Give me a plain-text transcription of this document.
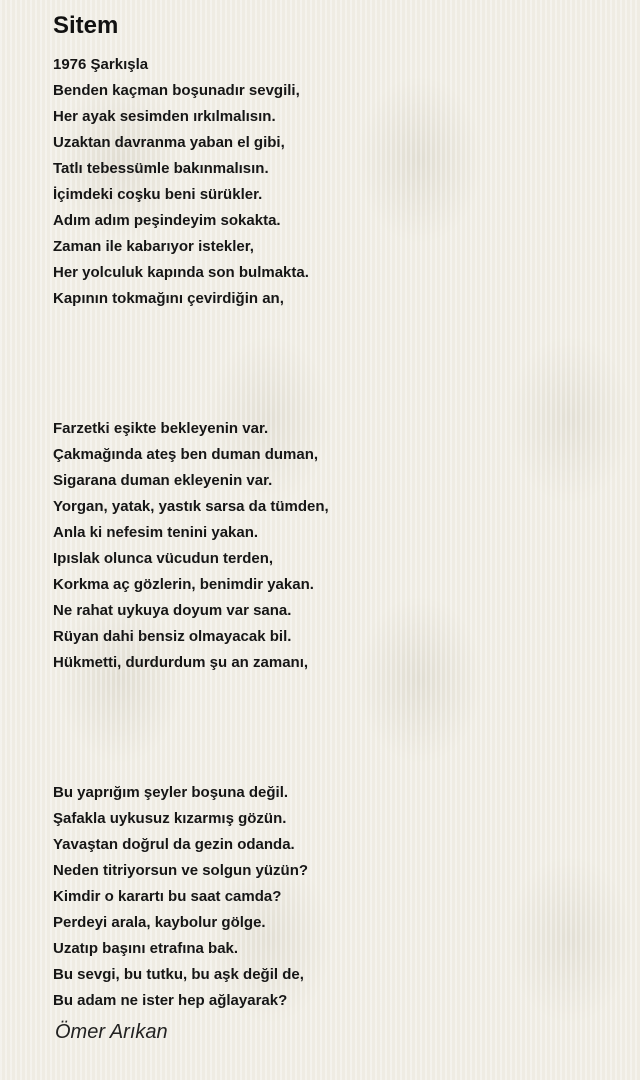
Sitem
1976 Şarkışla
Benden kaçman boşunadır sevgili,
Her ayak sesimden ırkılmalısın.
Uzaktan davranma yaban el gibi,
Tatlı tebessümle bakınmalısın.
İçimdeki coşku beni sürükler.
Adım adım peşindeyim sokakta.
Zaman ile kabarıyor istekler,
Her yolculuk kapında son bulmakta.
Kapının tokmağını çevirdiğin an,
Farzetki eşikte bekleyenin var.
Çakmağında ateş ben duman duman,
Sigarana duman ekleyenin var.
Yorgan, yatak, yastık sarsa da tümden,
Anla ki nefesim tenini yakan.
Ipıslak olunca vücudun terden,
Korkma aç gözlerin, benimdir yakan.
Ne rahat uykuya doyum var sana.
Rüyan dahi bensiz olmayacak bil.
Hükmetti, durdurdum şu an zamanı,
Bu yaprığım şeyler boşuna değil.
Şafakla uykusuz kızarmış gözün.
Yavaştan doğrul da gezin odanda.
Neden titriyorsun ve solgun yüzün?
Kimdir o karartı bu saat camda?
Perdeyi arala, kaybolur gölge.
Uzatıp başını etrafına bak.
Bu sevgi, bu tutku, bu aşk değil de,
Bu adam ne ister hep ağlayarak?
Ömer Arıkan
